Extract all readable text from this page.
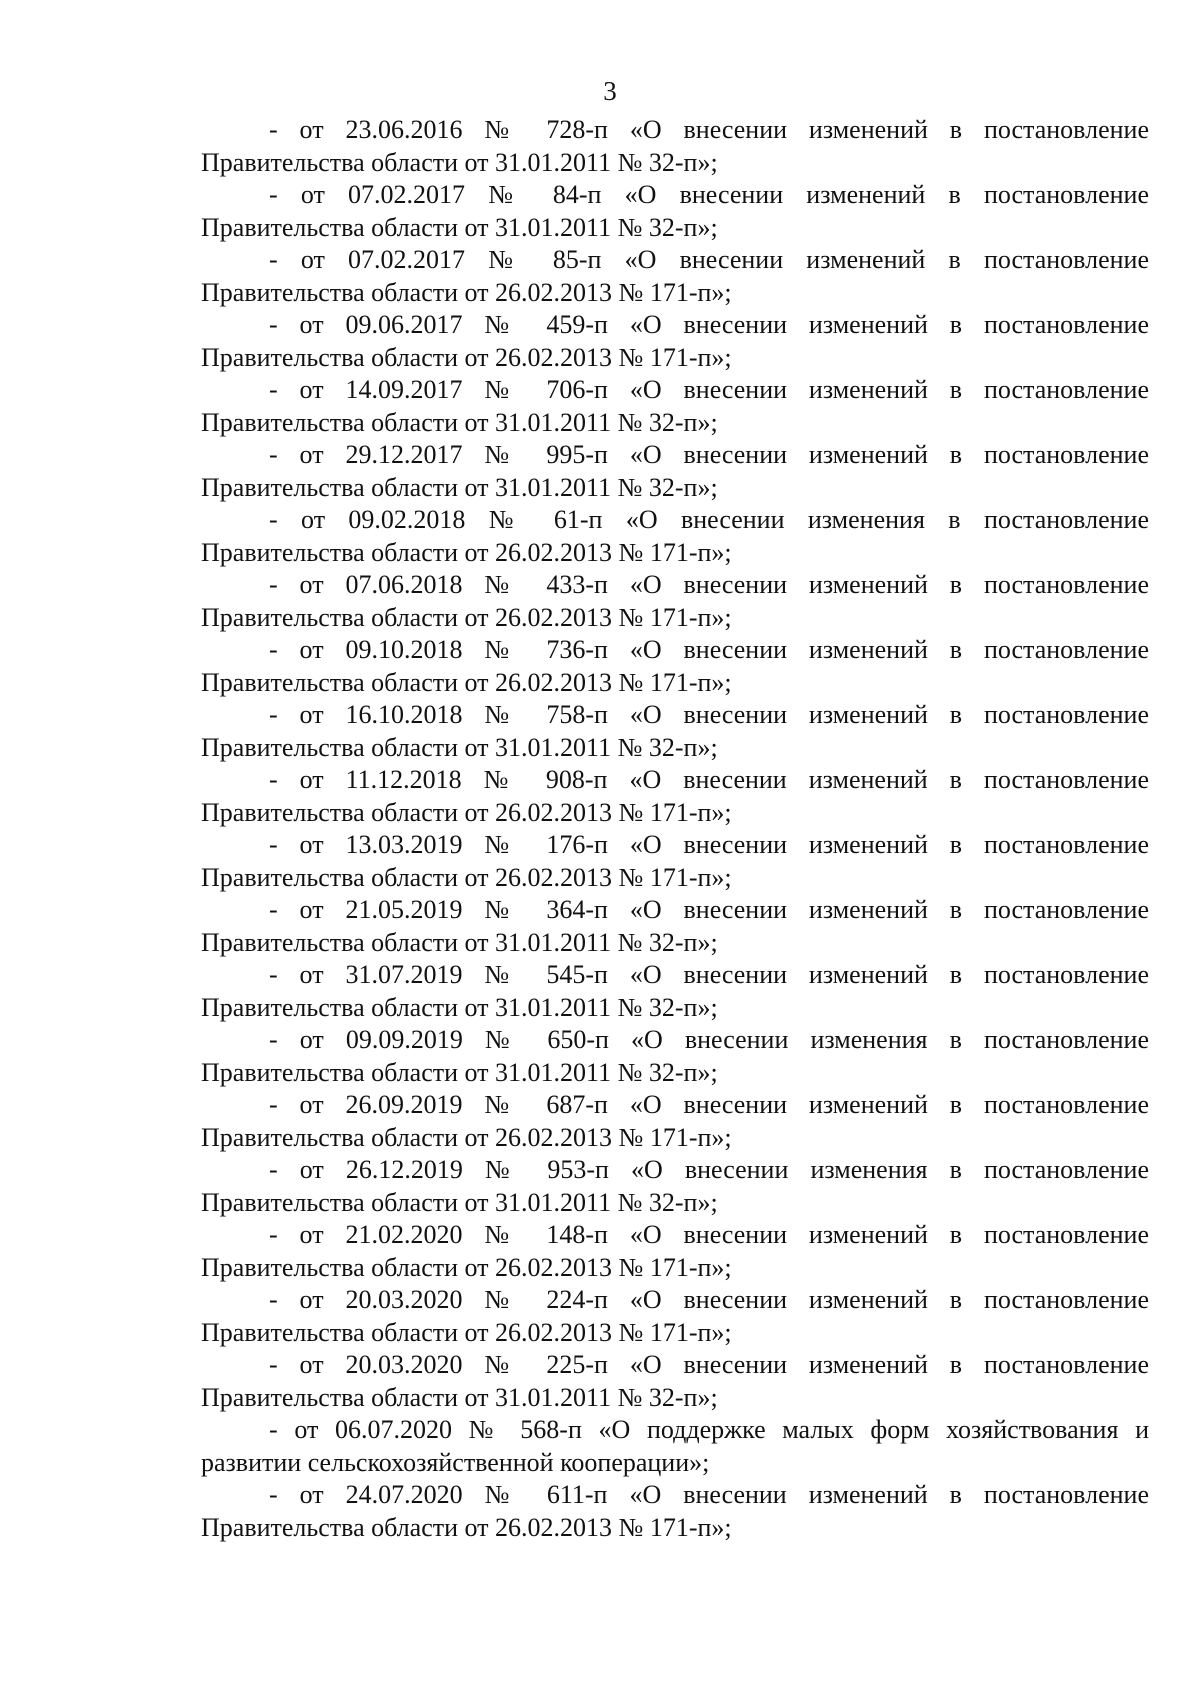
3
- от 23.06.2016 № 728-п «О внесении изменений в постановление
Правительства области от 31.01.2011 № 32-п»;
- от 07.02.2017 № 84-п «О внесении изменений в постановление
Правительства области от 31.01.2011 № 32-п»;
- от 07.02.2017 № 85-п «О внесении изменений в постановление
Правительства области от 26.02.2013 № 171-п»;
- от 09.06.2017 № 459-п «О внесении изменений в постановление
Правительства области от 26.02.2013 № 171-п»;
- от 14.09.2017 № 706-п «О внесении изменений в постановление
Правительства области от 31.01.2011 № 32-п»;
- от 29.12.2017 № 995-п «О внесении изменений в постановление
Правительства области от 31.01.2011 № 32-п»;
- от 09.02.2018 № 61-п «О внесении изменения в постановление
Правительства области от 26.02.2013 № 171-п»;
- от 07.06.2018 № 433-п «О внесении изменений в постановление
Правительства области от 26.02.2013 № 171-п»;
- от 09.10.2018 № 736-п «О внесении изменений в постановление
Правительства области от 26.02.2013 № 171-п»;
- от 16.10.2018 № 758-п «О внесении изменений в постановление
Правительства области от 31.01.2011 № 32-п»;
- от 11.12.2018 № 908-п «О внесении изменений в постановление
Правительства области от 26.02.2013 № 171-п»;
- от 13.03.2019 № 176-п «О внесении изменений в постановление
Правительства области от 26.02.2013 № 171-п»;
- от 21.05.2019 № 364-п «О внесении изменений в постановление
Правительства области от 31.01.2011 № 32-п»;
- от 31.07.2019 № 545-п «О внесении изменений в постановление
Правительства области от 31.01.2011 № 32-п»;
- от 09.09.2019 № 650-п «О внесении изменения в постановление
Правительства области от 31.01.2011 № 32-п»;
- от 26.09.2019 № 687-п «О внесении изменений в постановление
Правительства области от 26.02.2013 № 171-п»;
- от 26.12.2019 № 953-п «О внесении изменения в постановление
Правительства области от 31.01.2011 № 32-п»;
- от 21.02.2020 № 148-п «О внесении изменений в постановление
Правительства области от 26.02.2013 № 171-п»;
- от 20.03.2020 № 224-п «О внесении изменений в постановление
Правительства области от 26.02.2013 № 171-п»;
- от 20.03.2020 № 225-п «О внесении изменений в постановление
Правительства области от 31.01.2011 № 32-п»;
- от 06.07.2020 № 568-п «О поддержке малых форм хозяйствования и
развитии сельскохозяйственной кооперации»;
- от 24.07.2020 № 611-п «О внесении изменений в постановление
Правительства области от 26.02.2013 № 171-п»;
